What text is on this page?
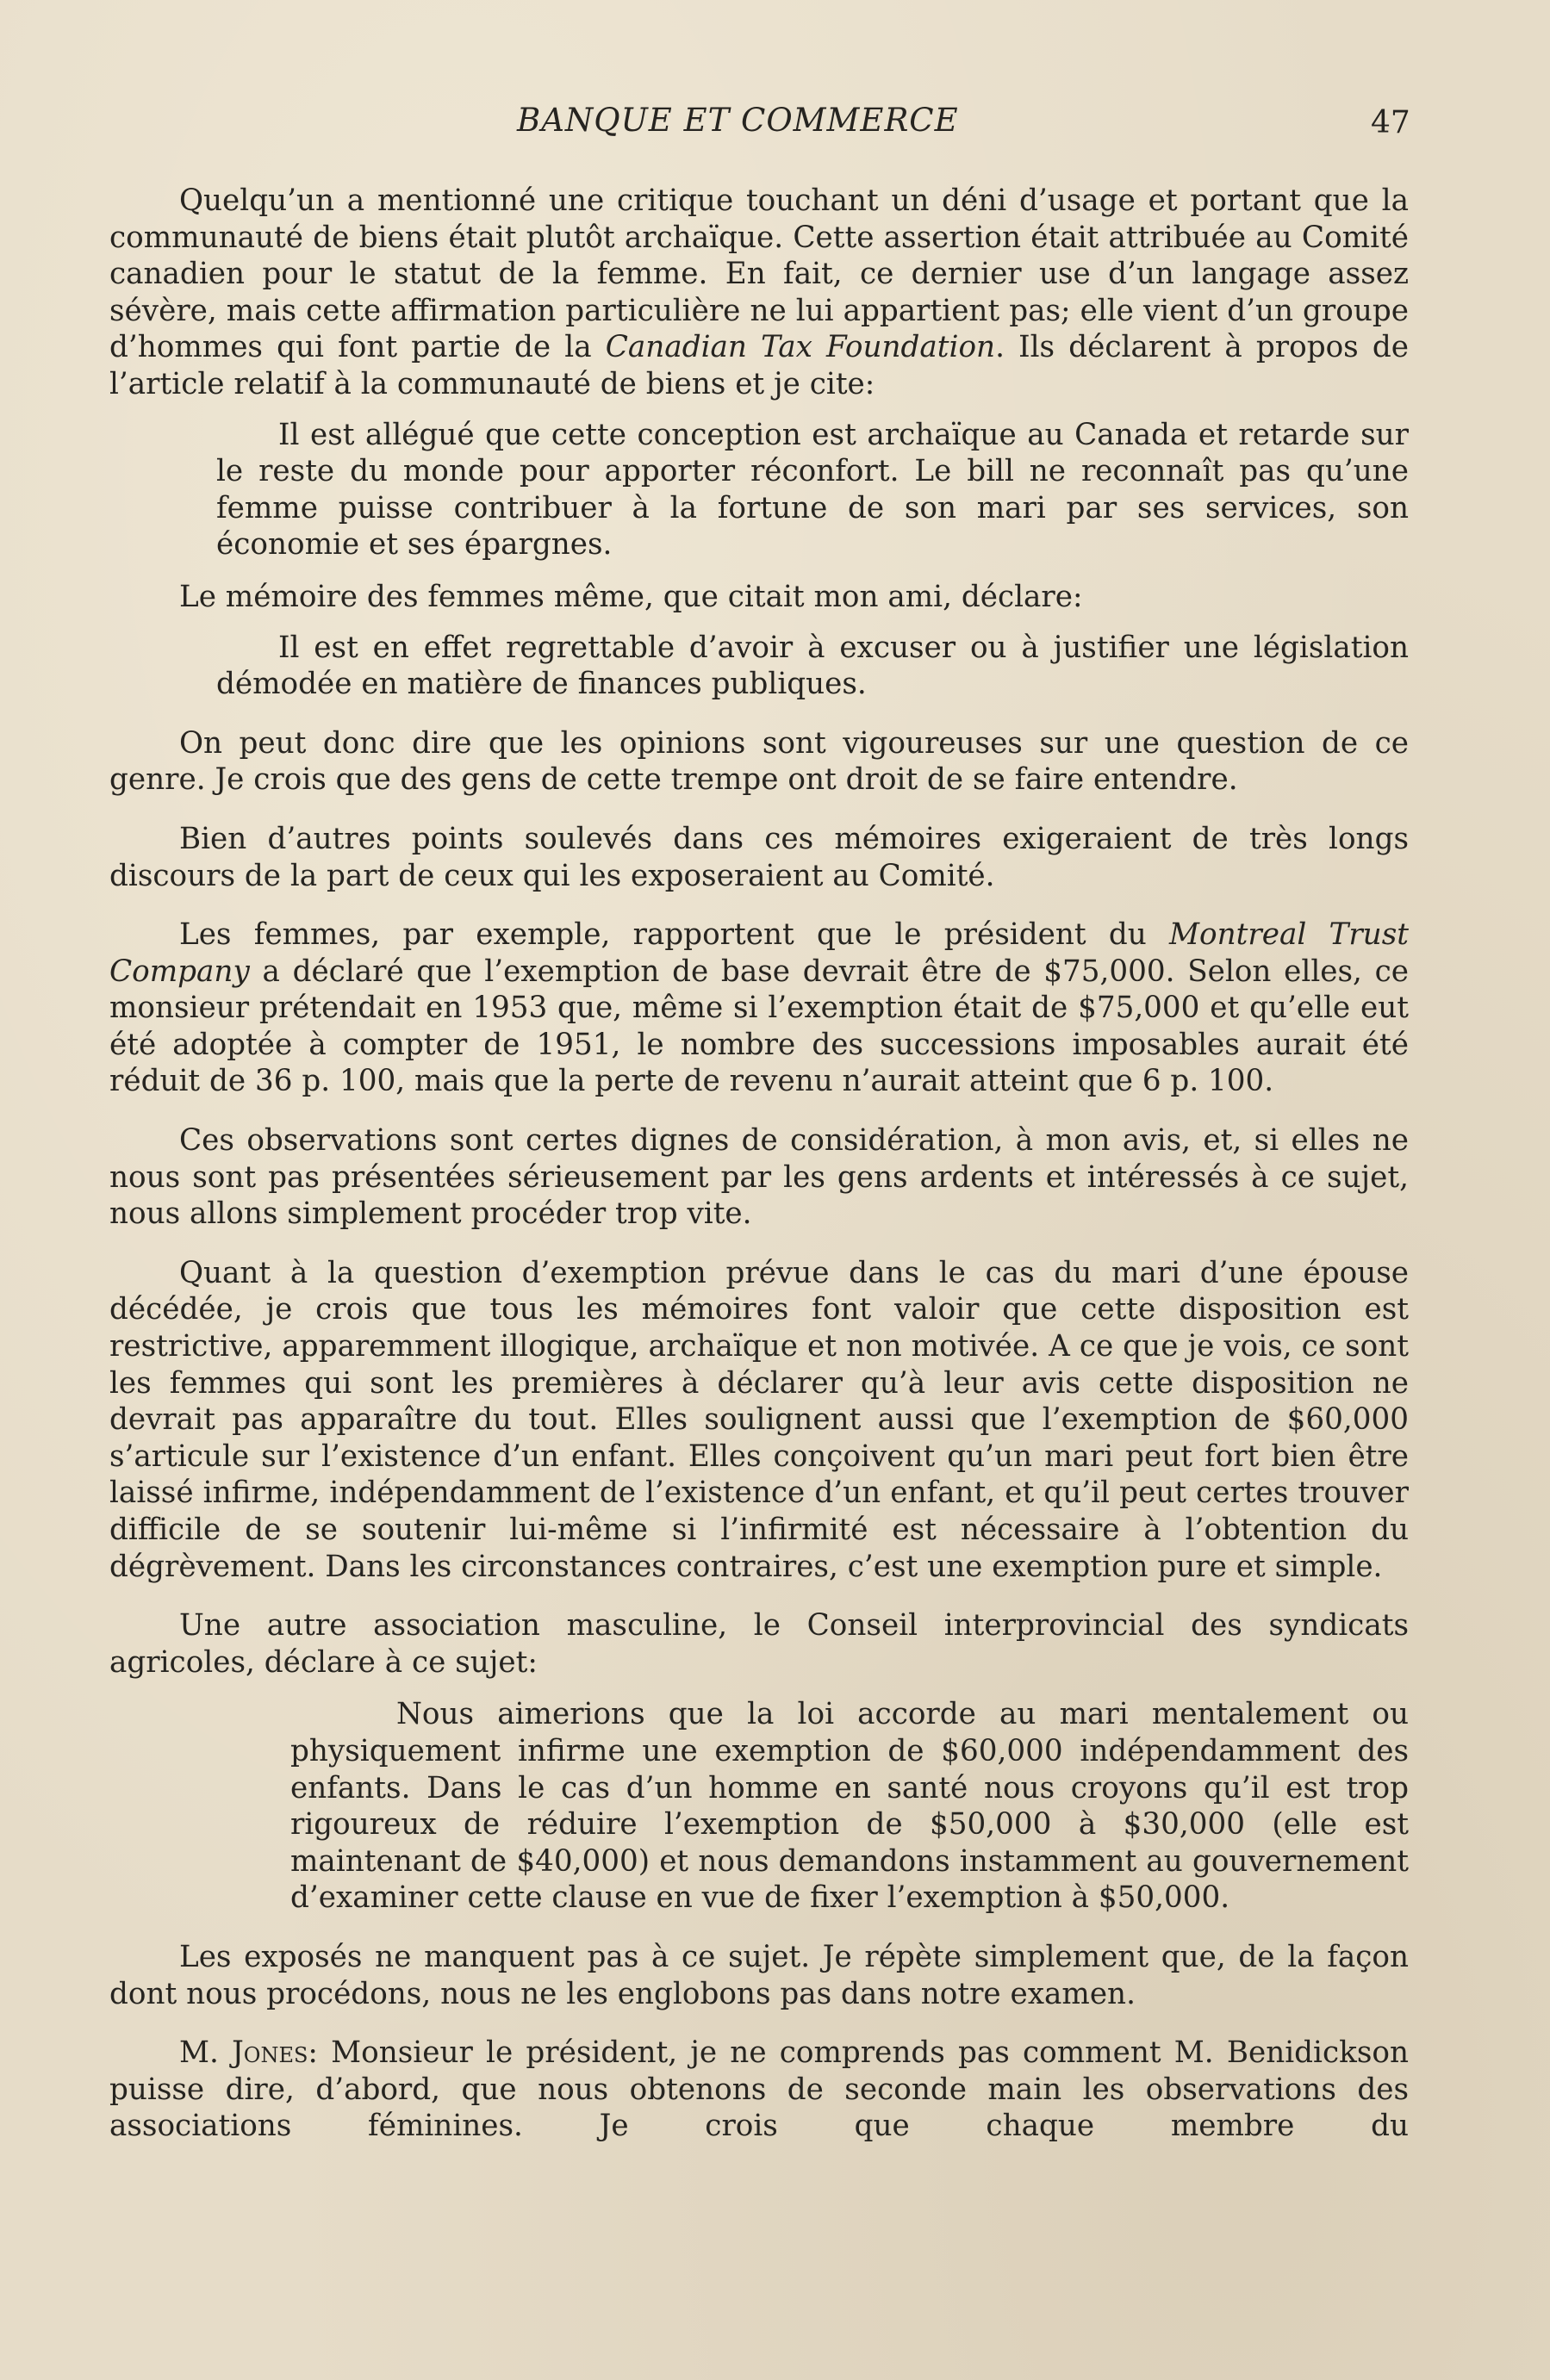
BANQUE ET COMMERCE	47

Quelqu’un a mentionné une critique touchant un déni d’usage et portant que la communauté de biens était plutôt archaïque. Cette assertion était attribuée au Comité canadien pour le statut de la femme. En fait, ce dernier use d’un langage assez sévère, mais cette affirmation particulière ne lui appartient pas; elle vient d’un groupe d’hommes qui font partie de la Canadian Tax Foundation. Ils déclarent à propos de l’article relatif à la communauté de biens et je cite:

Il est allégué que cette conception est archaïque au Canada et retarde sur le reste du monde pour apporter réconfort. Le bill ne reconnaît pas qu’une femme puisse contribuer à la fortune de son mari par ses services, son économie et ses épargnes.

Le mémoire des femmes même, que citait mon ami, déclare:

Il est en effet regrettable d’avoir à excuser ou à justifier une législation démodée en matière de finances publiques.

On peut donc dire que les opinions sont vigoureuses sur une question de ce genre. Je crois que des gens de cette trempe ont droit de se faire entendre.

Bien d’autres points soulevés dans ces mémoires exigeraient de très longs discours de la part de ceux qui les exposeraient au Comité.

Les femmes, par exemple, rapportent que le président du Montreal Trust Company a déclaré que l’exemption de base devrait être de $75,000. Selon elles, ce monsieur prétendait en 1953 que, même si l’exemption était de $75,000 et qu’elle eut été adoptée à compter de 1951, le nombre des successions imposables aurait été réduit de 36 p. 100, mais que la perte de revenu n’aurait atteint que 6 p. 100.

Ces observations sont certes dignes de considération, à mon avis, et, si elles ne nous sont pas présentées sérieusement par les gens ardents et intéressés à ce sujet, nous allons simplement procéder trop vite.

Quant à la question d’exemption prévue dans le cas du mari d’une épouse décédée, je crois que tous les mémoires font valoir que cette disposition est restrictive, apparemment illogique, archaïque et non motivée. A ce que je vois, ce sont les femmes qui sont les premières à déclarer qu’à leur avis cette disposition ne devrait pas apparaître du tout. Elles soulignent aussi que l’exemption de $60,000 s’articule sur l’existence d’un enfant. Elles conçoivent qu’un mari peut fort bien être laissé infirme, indépendamment de l’existence d’un enfant, et qu’il peut certes trouver difficile de se soutenir lui-même si l’infirmité est nécessaire à l’obtention du dégrèvement. Dans les circonstances contraires, c’est une exemption pure et simple.

Une autre association masculine, le Conseil interprovincial des syndicats agricoles, déclare à ce sujet:

Nous aimerions que la loi accorde au mari mentalement ou physiquement infirme une exemption de $60,000 indépendamment des enfants. Dans le cas d’un homme en santé nous croyons qu’il est trop rigoureux de réduire l’exemption de $50,000 à $30,000 (elle est maintenant de $40,000) et nous demandons instamment au gouvernement d’examiner cette clause en vue de fixer l’exemption à $50,000.

Les exposés ne manquent pas à ce sujet. Je répète simplement que, de la façon dont nous procédons, nous ne les englobons pas dans notre examen.

M. Jones: Monsieur le président, je ne comprends pas comment M. Benidickson puisse dire, d’abord, que nous obtenons de seconde main les observations des associations féminines. Je crois que chaque membre du
